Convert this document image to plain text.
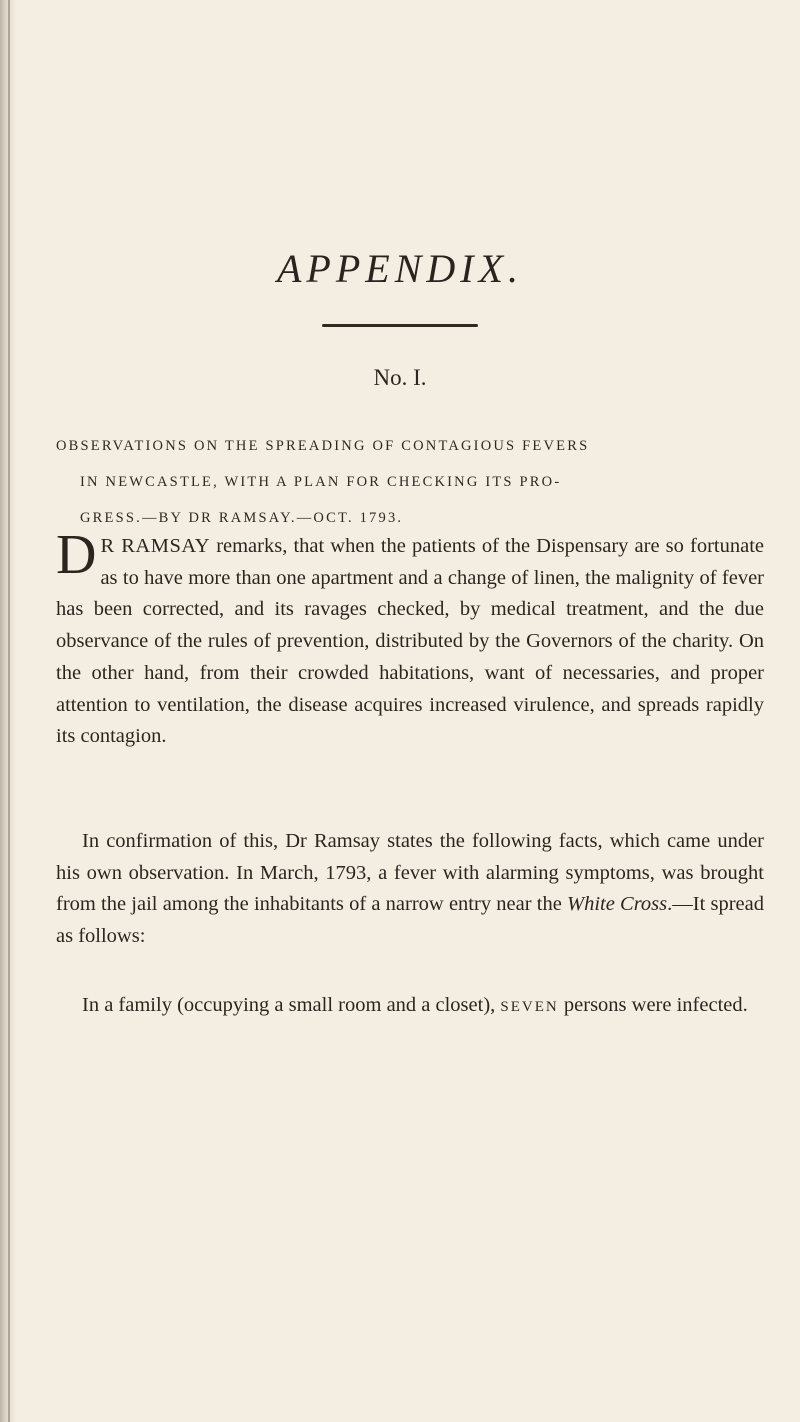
APPENDIX.
No. I.
OBSERVATIONS ON THE SPREADING OF CONTAGIOUS FEVERS
IN NEWCASTLE, WITH A PLAN FOR CHECKING ITS PRO-
GRESS.—BY DR RAMSAY.—OCT. 1793.
D R RAMSAY remarks, that when the patients of the Dispensary are so fortunate as to have more than one apartment and a change of linen, the malignity of fever has been corrected, and its ravages checked, by medical treatment, and the due observance of the rules of prevention, distributed by the Governors of the charity. On the other hand, from their crowded habitations, want of necessaries, and proper attention to ventilation, the disease acquires increased virulence, and spreads rapidly its contagion.
In confirmation of this, Dr Ramsay states the following facts, which came under his own observation. In March, 1793, a fever with alarming symptoms, was brought from the jail among the inhabitants of a narrow entry near the White Cross.—It spread as follows:
In a family (occupying a small room and a closet), SEVEN persons were infected.
